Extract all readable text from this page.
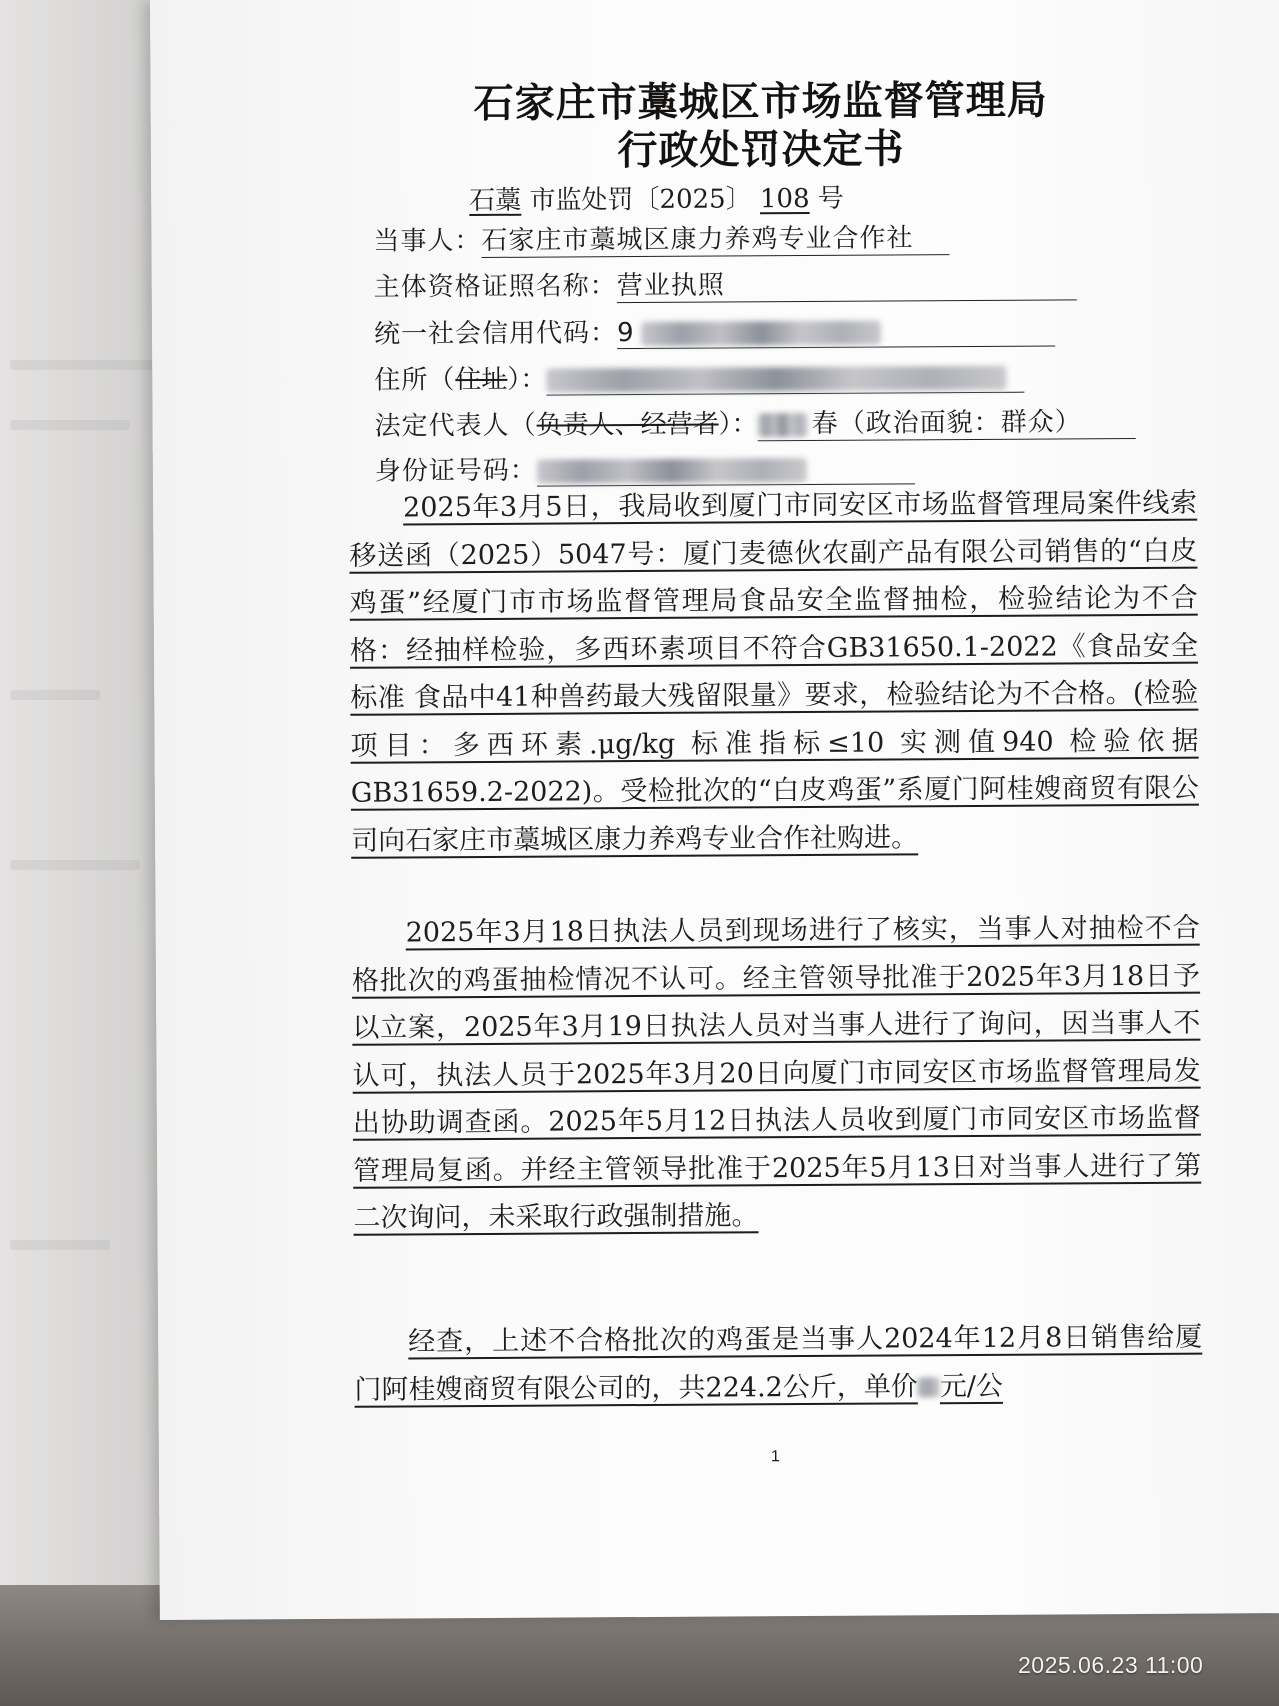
石家庄市藁城区市场监督管理局
行政处罚决定书
石藁 市监处罚〔2025〕 108 号
当事人：石家庄市藁城区康力养鸡专业合作社
主体资格证照名称：营业执照
统一社会信用代码：9
住所（住址）：
法定代表人（负责人、经营者）： 春（政治面貌：群众）
身份证号码：

2025年3月5日，我局收到厦门市同安区市场监督管理局案件线索移送函（2025）5047号：厦门麦德伙农副产品有限公司销售的“白皮鸡蛋”经厦门市市场监督管理局食品安全监督抽检，检验结论为不合格：经抽样检验，多西环素项目不符合GB31650.1-2022《食品安全标准 食品中41种兽药最大残留限量》要求，检验结论为不合格。(检验项目：多西环素.μg/kg 标准指标≤10 实测值940 检验依据GB31659.2-2022)。受检批次的“白皮鸡蛋”系厦门阿桂嫂商贸有限公司向石家庄市藁城区康力养鸡专业合作社购进。

2025年3月18日执法人员到现场进行了核实，当事人对抽检不合格批次的鸡蛋抽检情况不认可。经主管领导批准于2025年3月18日予以立案，2025年3月19日执法人员对当事人进行了询问，因当事人不认可，执法人员于2025年3月20日向厦门市同安区市场监督管理局发出协助调查函。2025年5月12日执法人员收到厦门市同安区市场监督管理局复函。并经主管领导批准于2025年5月13日对当事人进行了第二次询问，未采取行政强制措施。

经查，上述不合格批次的鸡蛋是当事人2024年12月8日销售给厦门阿桂嫂商贸有限公司的，共224.2公斤，单价 元/公

1
2025.06.23 11:00
